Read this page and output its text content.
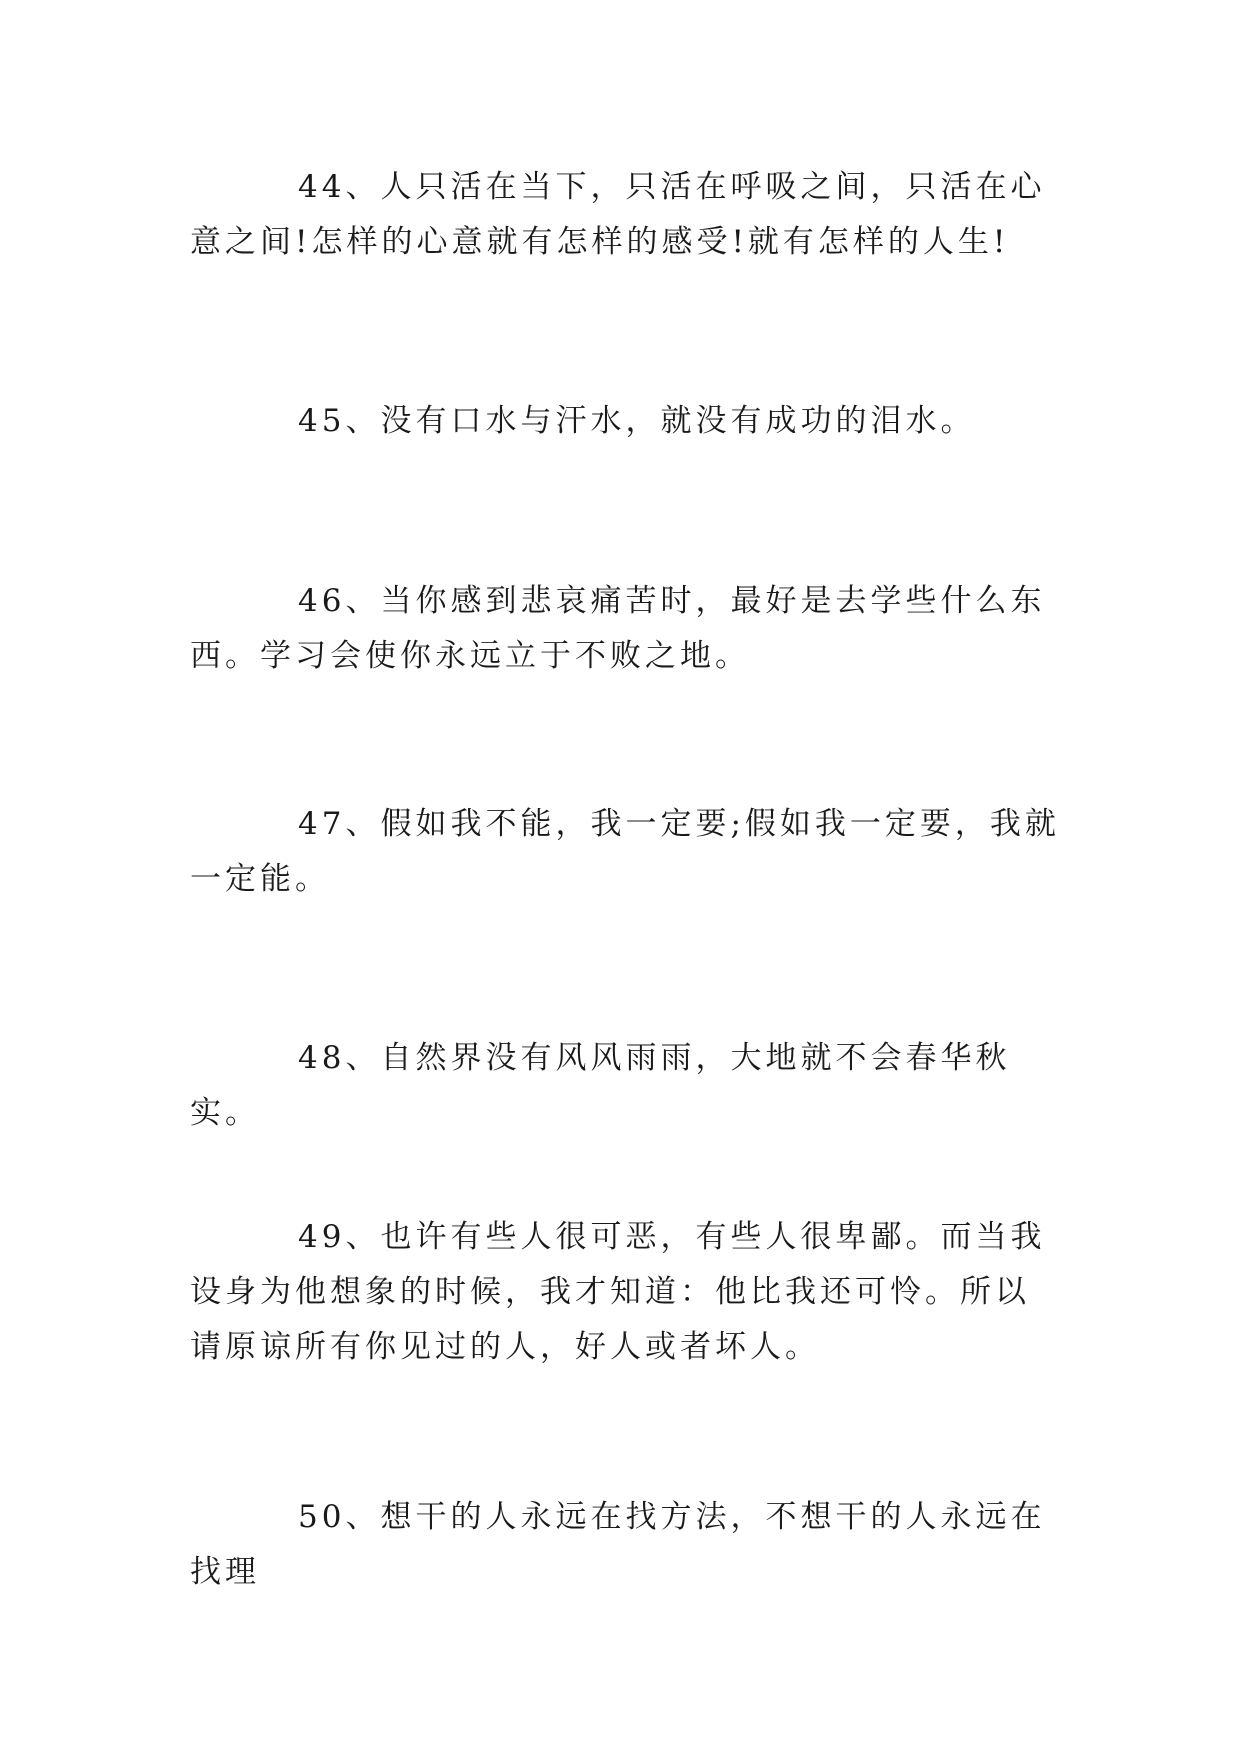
44、人只活在当下，只活在呼吸之间，只活在心意之间!怎样的心意就有怎样的感受!就有怎样的人生!

45、没有口水与汗水，就没有成功的泪水。

46、当你感到悲哀痛苦时，最好是去学些什么东西。学习会使你永远立于不败之地。

47、假如我不能，我一定要;假如我一定要，我就一定能。

48、自然界没有风风雨雨，大地就不会春华秋实。

49、也许有些人很可恶，有些人很卑鄙。而当我设身为他想象的时候，我才知道：他比我还可怜。所以请原谅所有你见过的人，好人或者坏人。

50、想干的人永远在找方法，不想干的人永远在找理
